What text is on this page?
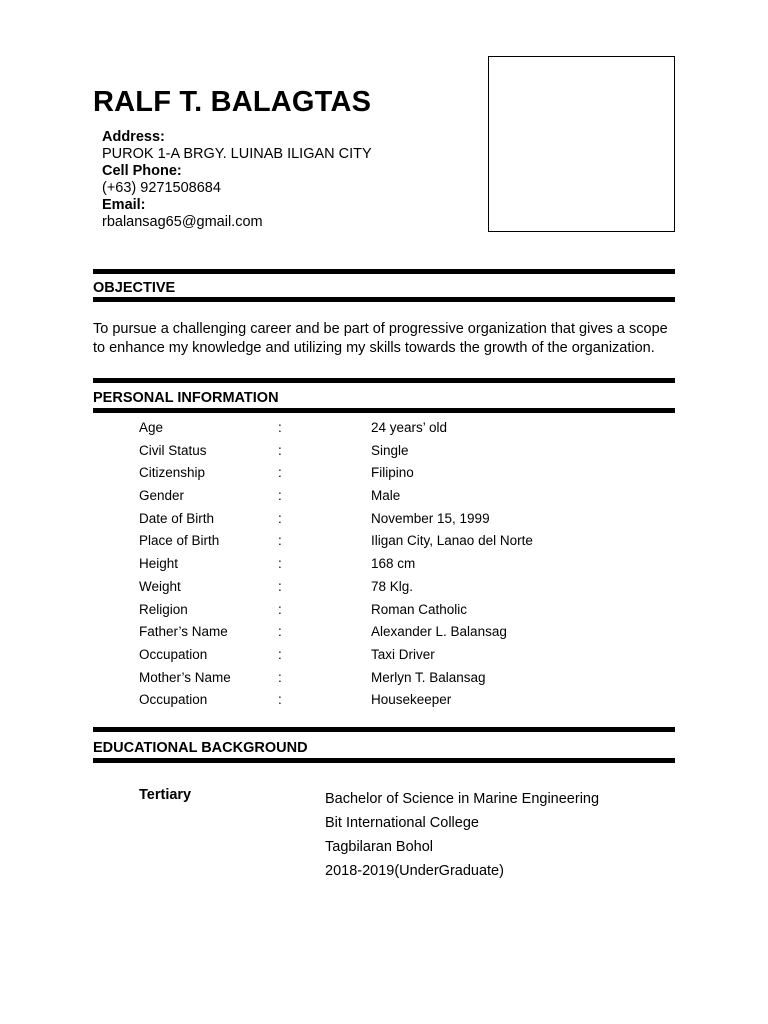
RALF T. BALAGTAS
Address:
PUROK 1-A BRGY. LUINAB ILIGAN CITY
Cell Phone:
(+63) 9271508684
Email:
rbalansag65@gmail.com
OBJECTIVE

To pursue a challenging career and be part of progressive organization that gives a scope to enhance my knowledge and utilizing my skills towards the growth of the organization.

PERSONAL INFORMATION
Age	:	24 years’ old
Civil Status	:	Single
Citizenship	:	Filipino
Gender	:	Male
Date of Birth	:	November 15, 1999
Place of Birth	:	Iligan City, Lanao del Norte
Height	:	168 cm
Weight	:	78 Klg.
Religion	:	Roman Catholic
Father’s Name	:	Alexander L. Balansag
Occupation	:	Taxi Driver
Mother’s Name	:	Merlyn T. Balansag
Occupation	:	Housekeeper
EDUCATIONAL BACKGROUND
Tertiary	Bachelor of Science in Marine Engineering
Bit International College
Tagbilaran Bohol
2018-2019(UnderGraduate)
